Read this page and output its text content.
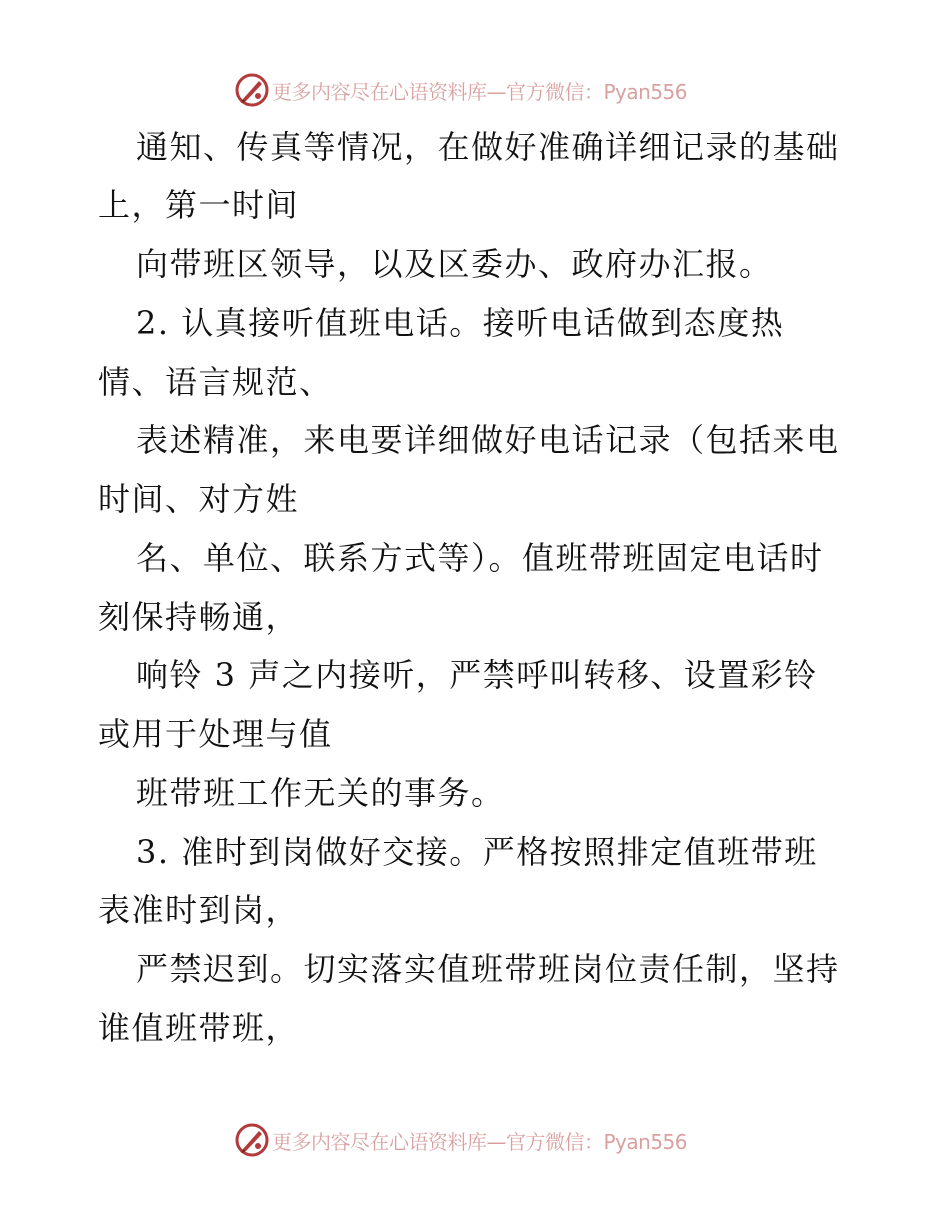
更多内容尽在心语资料库—官方微信：Pyan556
通知、传真等情况，在做好准确详细记录的基础
上，第一时间
向带班区领导，以及区委办、政府办汇报。
2. 认真接听值班电话。接听电话做到态度热
情、语言规范、
表述精准，来电要详细做好电话记录（包括来电
时间、对方姓
名、单位、联系方式等）。值班带班固定电话时
刻保持畅通，
响铃 3 声之内接听，严禁呼叫转移、设置彩铃
或用于处理与值
班带班工作无关的事务。
3. 准时到岗做好交接。严格按照排定值班带班
表准时到岗，
严禁迟到。切实落实值班带班岗位责任制，坚持
谁值班带班，
更多内容尽在心语资料库—官方微信：Pyan556
